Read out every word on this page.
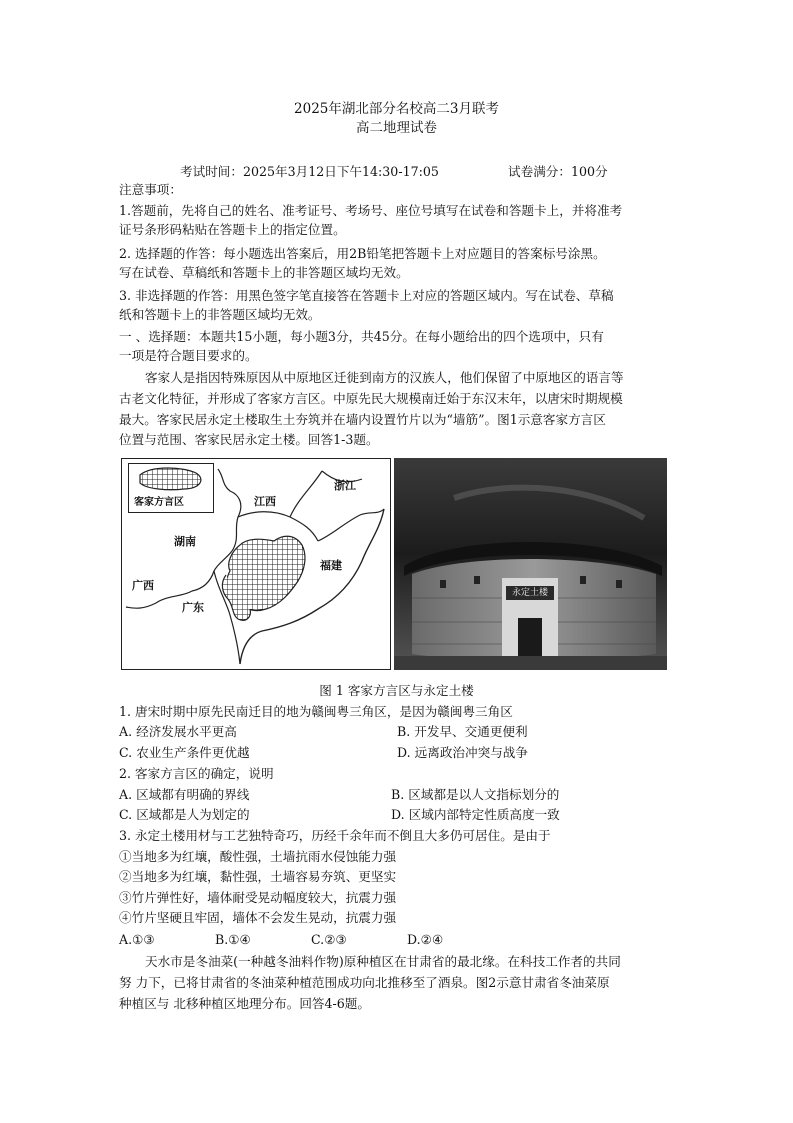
2025年湖北部分名校高二3月联考
高二地理试卷
考试时间：2025年3月12日下午14:30-17:05	试卷满分：100分
注意事项：
1.答题前，先将自己的姓名、准考证号、考场号、座位号填写在试卷和答题卡上，并将准考
证号条形码粘贴在答题卡上的指定位置。
2. 选择题的作答：每小题选出答案后，用2B铅笔把答题卡上对应题目的答案标号涂黑。
写在试卷、草稿纸和答题卡上的非答题区域均无效。
3. 非选择题的作答：用黑色签字笔直接答在答题卡上对应的答题区域内。写在试卷、草稿
纸和答题卡上的非答题区域均无效。
一 、选择题：本题共15小题，每小题3分，共45分。在每小题给出的四个选项中，只有
一项是符合题目要求的。
客家人是指因特殊原因从中原地区迁徙到南方的汉族人，他们保留了中原地区的语言等
古老文化特征，并形成了客家方言区。中原先民大规模南迁始于东汉末年，以唐宋时期规模
最大。客家民居永定土楼取生土夯筑并在墙内设置竹片以为“墙筋”。图1示意客家方言区
位置与范围、客家民居永定土楼。回答1-3题。
客家方言区	江西
浙江
湖南
福建
广西
广东
永定土楼
图 1 客家方言区与永定土楼
1. 唐宋时期中原先民南迁目的地为赣闽粤三角区，是因为赣闽粤三角区
A. 经济发展水平更高	B. 开发早、交通更便利
C. 农业生产条件更优越	D. 远离政治冲突与战争
2. 客家方言区的确定，说明
A. 区域都有明确的界线	B. 区域都是以人文指标划分的
C. 区域都是人为划定的	D. 区域内部特定性质高度一致
3. 永定土楼用材与工艺独特奇巧，历经千余年而不倒且大多仍可居住。是由于
①当地多为红壤，酸性强，土墙抗雨水侵蚀能力强
②当地多为红壤，黏性强，土墙容易夯筑、更坚实
③竹片弹性好，墙体耐受晃动幅度较大，抗震力强
④竹片坚硬且牢固，墙体不会发生晃动，抗震力强
A.①③	B.①④	C.②③	D.②④
天水市是冬油菜(一种越冬油料作物)原种植区在甘肃省的最北缘。在科技工作者的共同
努 力下，已将甘肃省的冬油菜种植范围成功向北推移至了酒泉。图2示意甘肃省冬油菜原
种植区与 北移种植区地理分布。回答4-6题。
